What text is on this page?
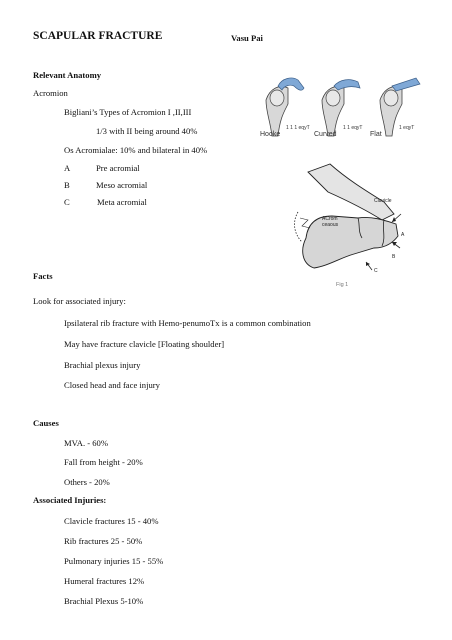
SCAPULAR FRACTURE	Vasu Pai
Relevant Anatomy
Acromion
Bigliani’s Types of Acromion I ,II,III
1/3 with II being around 40%
Os Acromialae: 10% and bilateral in 40%
A	Pre acromial
B	Meso acromial
C	Meta acromial
1 1 1 eqyT	1 1 eqyT	1 eqyT
Hooke	Curved	Flat
Clavicle
ACrom
ceaous
A
B
C
Fig 1
Facts
Look for associated injury:
Ipsilateral rib fracture with Hemo-penumoTx is a common combination
May have fracture clavicle [Floating shoulder]
Brachial plexus injury
Closed head and face injury
Causes
MVA. - 60%
Fall from height - 20%
Others - 20%
Associated Injuries:
Clavicle fractures 15 - 40%
Rib fractures 25 - 50%
Pulmonary injuries 15 - 55%
Humeral fractures 12%
Brachial Plexus 5-10%
